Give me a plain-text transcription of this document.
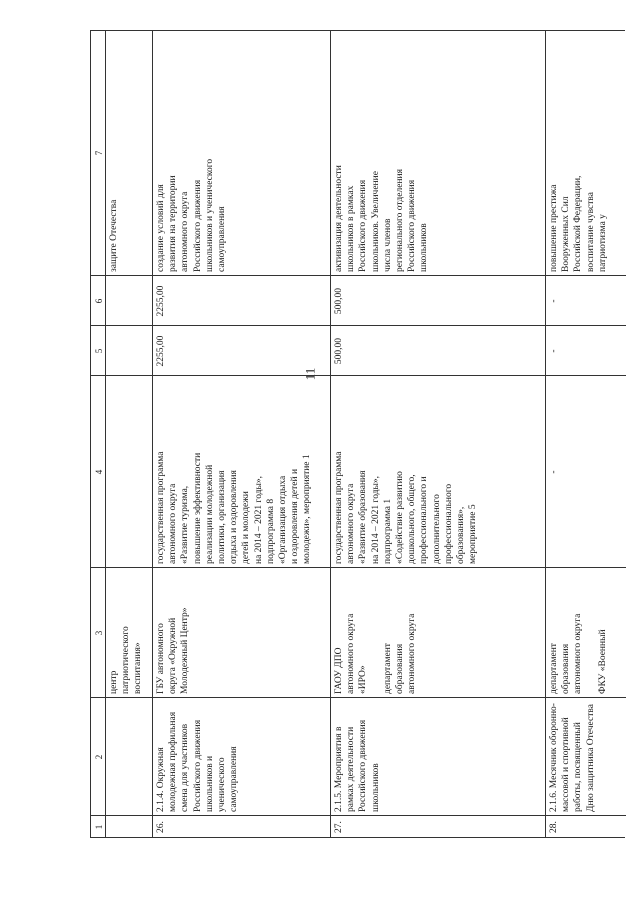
11
1
2
3
4
5
6
7
центр патриотического воспитания»
защите Отечества
26.
2.1.4. Окружная молодежная профильная смена для участников Российского движения школьников и ученического самоуправления
ГБУ автономного округа «Окружной Молодежный Центр»
государственная программа автономного округа «Развитие туризма, повышение эффективности реализации молодежной политики, организация отдыха и оздоровления детей и молодежи на 2014 – 2021 годы», подпрограмма 8 «Организация отдыха и оздоровления детей и молодежи», мероприятие 1
2255,00
2255,00
создание условий для развития на территории автономного округа Российского движения школьников и ученического самоуправления
27.
2.1.5. Мероприятия в рамках деятельности Российского движения школьников
ГАОУ ДПО автономного округа «ИРО» департамент образования автономного округа
государственная программа автономного округа «Развитие образования на 2014 – 2021 годы», подпрограмма 1 «Содействие развитию дошкольного, общего, профессионального и дополнительного профессионального образования», мероприятие 5
500,00
500,00
активизация деятельности школьников в рамках Российского движения школьников. Увеличение числа членов регионального отделения Российского движения школьников
28.
2.1.6. Месячник оборонно- массовой и спортивной работы, посвященный Дню защитника Отечества
департамент образования автономного округа ФКУ «Военный
-
-
-
повышение престижа Вооруженных Сил Российской Федерации, воспитание чувства патриотизма у
